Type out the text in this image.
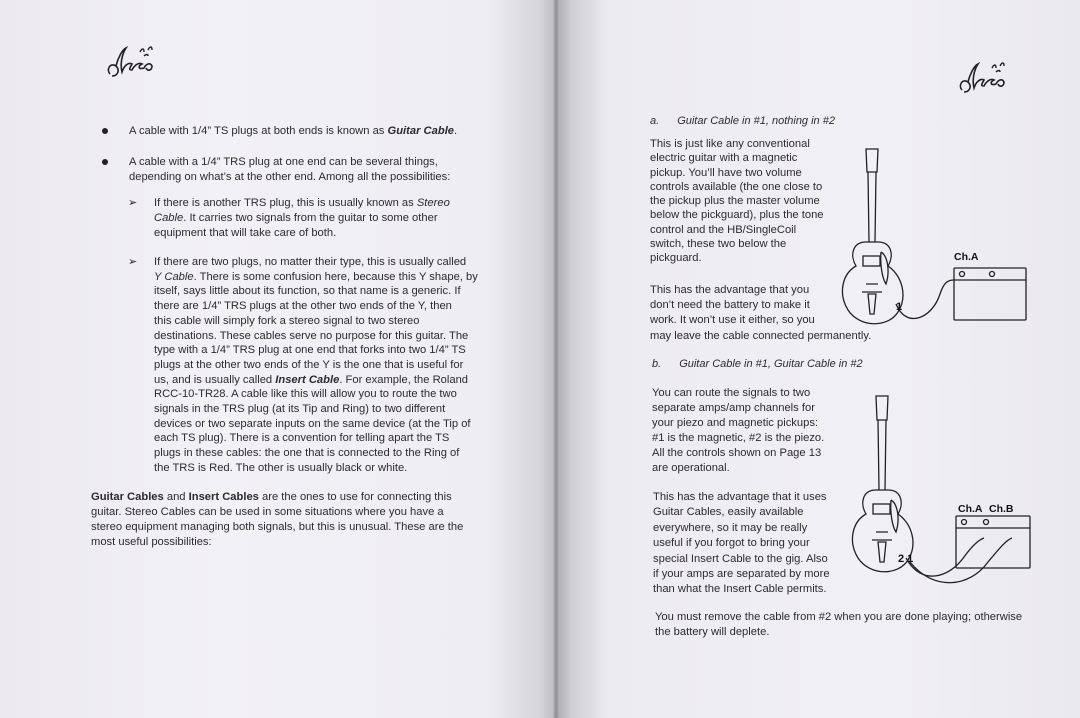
A cable with 1/4” TS plugs at both ends is known as Guitar Cable.
A cable with a 1/4” TRS plug at one end can be several things,
depending on what’s at the other end. Among all the possibilities:
➢ If there is another TRS plug, this is usually known as Stereo
Cable. It carries two signals from the guitar to some other
equipment that will take care of both.
➢ If there are two plugs, no matter their type, this is usually called
Y Cable. There is some confusion here, because this Y shape, by
itself, says little about its function, so that name is a generic. If
there are 1/4” TRS plugs at the other two ends of the Y, then
this cable will simply fork a stereo signal to two stereo
destinations. These cables serve no purpose for this guitar. The
type with a 1/4” TRS plug at one end that forks into two 1/4” TS
plugs at the other two ends of the Y is the one that is useful for
us, and is usually called Insert Cable. For example, the Roland
RCC-10-TR28. A cable like this will allow you to route the two
signals in the TRS plug (at its Tip and Ring) to two different
devices or two separate inputs on the same device (at the Tip of
each TS plug). There is a convention for telling apart the TS
plugs in these cables: the one that is connected to the Ring of
the TRS is Red. The other is usually black or white.
Guitar Cables and Insert Cables are the ones to use for connecting this
guitar. Stereo Cables can be used in some situations where you have a
stereo equipment managing both signals, but this is unusual. These are the
most useful possibilities:
a. Guitar Cable in #1, nothing in #2
This is just like any conventional
electric guitar with a magnetic
pickup. You’ll have two volume
controls available (the one close to
the pickup plus the master volume
below the pickguard), plus the tone
control and the HB/SingleCoil
switch, these two below the
pickguard.
This has the advantage that you
don’t need the battery to make it
work. It won’t use it either, so you
may leave the cable connected permanently.
b. Guitar Cable in #1, Guitar Cable in #2
You can route the signals to two
separate amps/amp channels for
your piezo and magnetic pickups:
#1 is the magnetic, #2 is the piezo.
All the controls shown on Page 13
are operational.
This has the advantage that it uses
Guitar Cables, easily available
everywhere, so it may be really
useful if you forgot to bring your
special Insert Cable to the gig. Also
if your amps are separated by more
than what the Insert Cable permits.
You must remove the cable from #2 when you are done playing; otherwise
the battery will deplete.
Ch.A
1
Ch.A Ch.B
2 1
